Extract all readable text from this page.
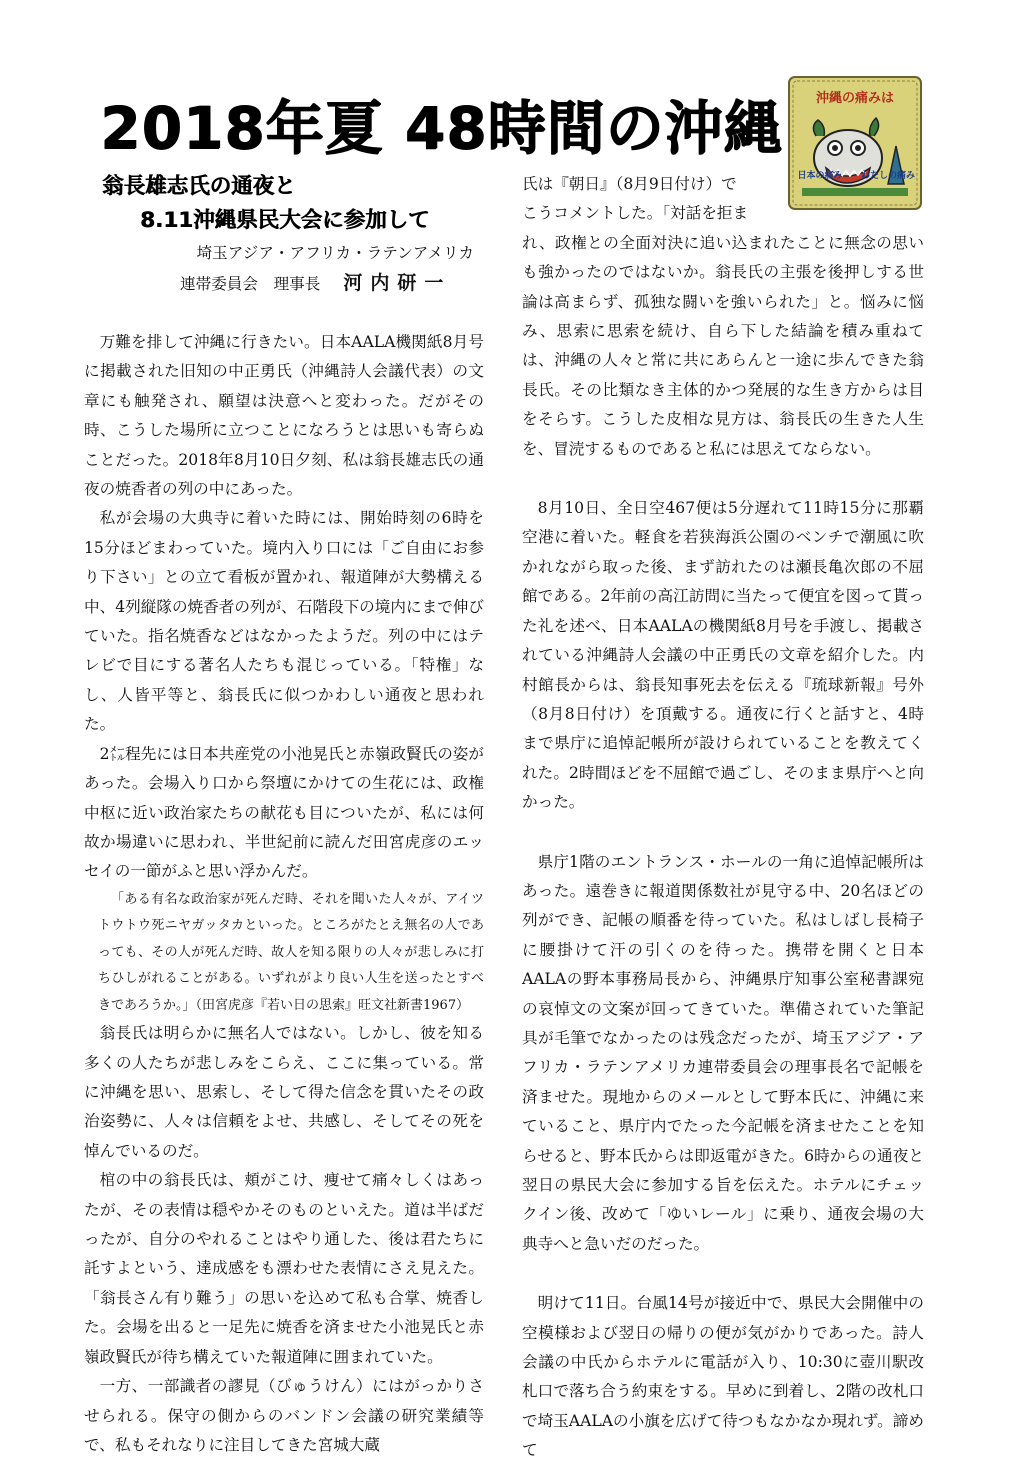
2018年夏 48時間の沖縄	沖縄の痛みは
日本の痛み わたしの痛み
翁長雄志氏の通夜と
8.11沖縄県民大会に参加して
埼玉アジア・アフリカ・ラテンアメリカ
連帯委員会　理事長 河内研一

万難を排して沖縄に行きたい。日本AALA機関紙8月号に掲載された旧知の中正勇氏（沖縄詩人会議代表）の文章にも触発され、願望は決意へと変わった。だがその時、こうした場所に立つことになろうとは思いも寄らぬことだった。2018年8月10日夕刻、私は翁長雄志氏の通夜の焼香者の列の中にあった。

私が会場の大典寺に着いた時には、開始時刻の6時を15分ほどまわっていた。境内入り口には「ご自由にお参り下さい」との立て看板が置かれ、報道陣が大勢構える中、4列縦隊の焼香者の列が、石階段下の境内にまで伸びていた。指名焼香などはなかったようだ。列の中にはテレビで目にする著名人たちも混じっている。「特権」なし、人皆平等と、翁長氏に似つかわしい通夜と思われた。

2㍍程先には日本共産党の小池晃氏と赤嶺政賢氏の姿があった。会場入り口から祭壇にかけての生花には、政権中枢に近い政治家たちの献花も目についたが、私には何故か場違いに思われ、半世紀前に読んだ田宮虎彦のエッセイの一節がふと思い浮かんだ。

「ある有名な政治家が死んだ時、それを聞いた人々が、アイツトウトウ死ニヤガッタカといった。ところがたとえ無名の人であっても、その人が死んだ時、故人を知る限りの人々が悲しみに打ちひしがれることがある。いずれがより良い人生を送ったとすべきであろうか。」（田宮虎彦『若い日の思索』旺文社新書1967）

翁長氏は明らかに無名人ではない。しかし、彼を知る多くの人たちが悲しみをこらえ、ここに集っている。常に沖縄を思い、思索し、そして得た信念を貫いたその政治姿勢に、人々は信頼をよせ、共感し、そしてその死を悼んでいるのだ。

棺の中の翁長氏は、頬がこけ、痩せて痛々しくはあったが、その表情は穏やかそのものといえた。道は半ばだったが、自分のやれることはやり通した、後は君たちに託すよという、達成感をも漂わせた表情にさえ見えた。「翁長さん有り難う」の思いを込めて私も合掌、焼香した。会場を出ると一足先に焼香を済ませた小池晃氏と赤嶺政賢氏が待ち構えていた報道陣に囲まれていた。

一方、一部識者の謬見（びゅうけん）にはがっかりさせられる。保守の側からのバンドン会議の研究業績等で、私もそれなりに注目してきた宮城大蔵

氏は『朝日』（8月9日付け）で

こうコメントした。「対話を拒ま

れ、政権との全面対決に追い込まれたことに無念の思いも強かったのではないか。翁長氏の主張を後押しする世論は高まらず、孤独な闘いを強いられた」と。悩みに悩み、思索に思索を続け、自ら下した結論を積み重ねては、沖縄の人々と常に共にあらんと一途に歩んできた翁長氏。その比類なき主体的かつ発展的な生き方からは目をそらす。こうした皮相な見方は、翁長氏の生きた人生を、冒涜するものであると私には思えてならない。

8月10日、全日空467便は5分遅れて11時15分に那覇空港に着いた。軽食を若狭海浜公園のベンチで潮風に吹かれながら取った後、まず訪れたのは瀬長亀次郎の不屈館である。2年前の高江訪問に当たって便宜を図って貰った礼を述べ、日本AALAの機関紙8月号を手渡し、掲載されている沖縄詩人会議の中正勇氏の文章を紹介した。内村館長からは、翁長知事死去を伝える『琉球新報』号外（8月8日付け）を頂戴する。通夜に行くと話すと、4時まで県庁に追悼記帳所が設けられていることを教えてくれた。2時間ほどを不屈館で過ごし、そのまま県庁へと向かった。

県庁1階のエントランス・ホールの一角に追悼記帳所はあった。遠巻きに報道関係数社が見守る中、20名ほどの列ができ、記帳の順番を待っていた。私はしばし長椅子に腰掛けて汗の引くのを待った。携帯を開くと日本AALAの野本事務局長から、沖縄県庁知事公室秘書課宛の哀悼文の文案が回ってきていた。準備されていた筆記具が毛筆でなかったのは残念だったが、埼玉アジア・アフリカ・ラテンアメリカ連帯委員会の理事長名で記帳を済ませた。現地からのメールとして野本氏に、沖縄に来ていること、県庁内でたった今記帳を済ませたことを知らせると、野本氏からは即返電がきた。6時からの通夜と翌日の県民大会に参加する旨を伝えた。ホテルにチェックイン後、改めて「ゆいレール」に乗り、通夜会場の大典寺へと急いだのだった。

明けて11日。台風14号が接近中で、県民大会開催中の空模様および翌日の帰りの便が気がかりであった。詩人会議の中氏からホテルに電話が入り、10:30に壺川駅改札口で落ち合う約束をする。早めに到着し、2階の改札口で埼玉AALAの小旗を広げて待つもなかなか現れず。諦めて
